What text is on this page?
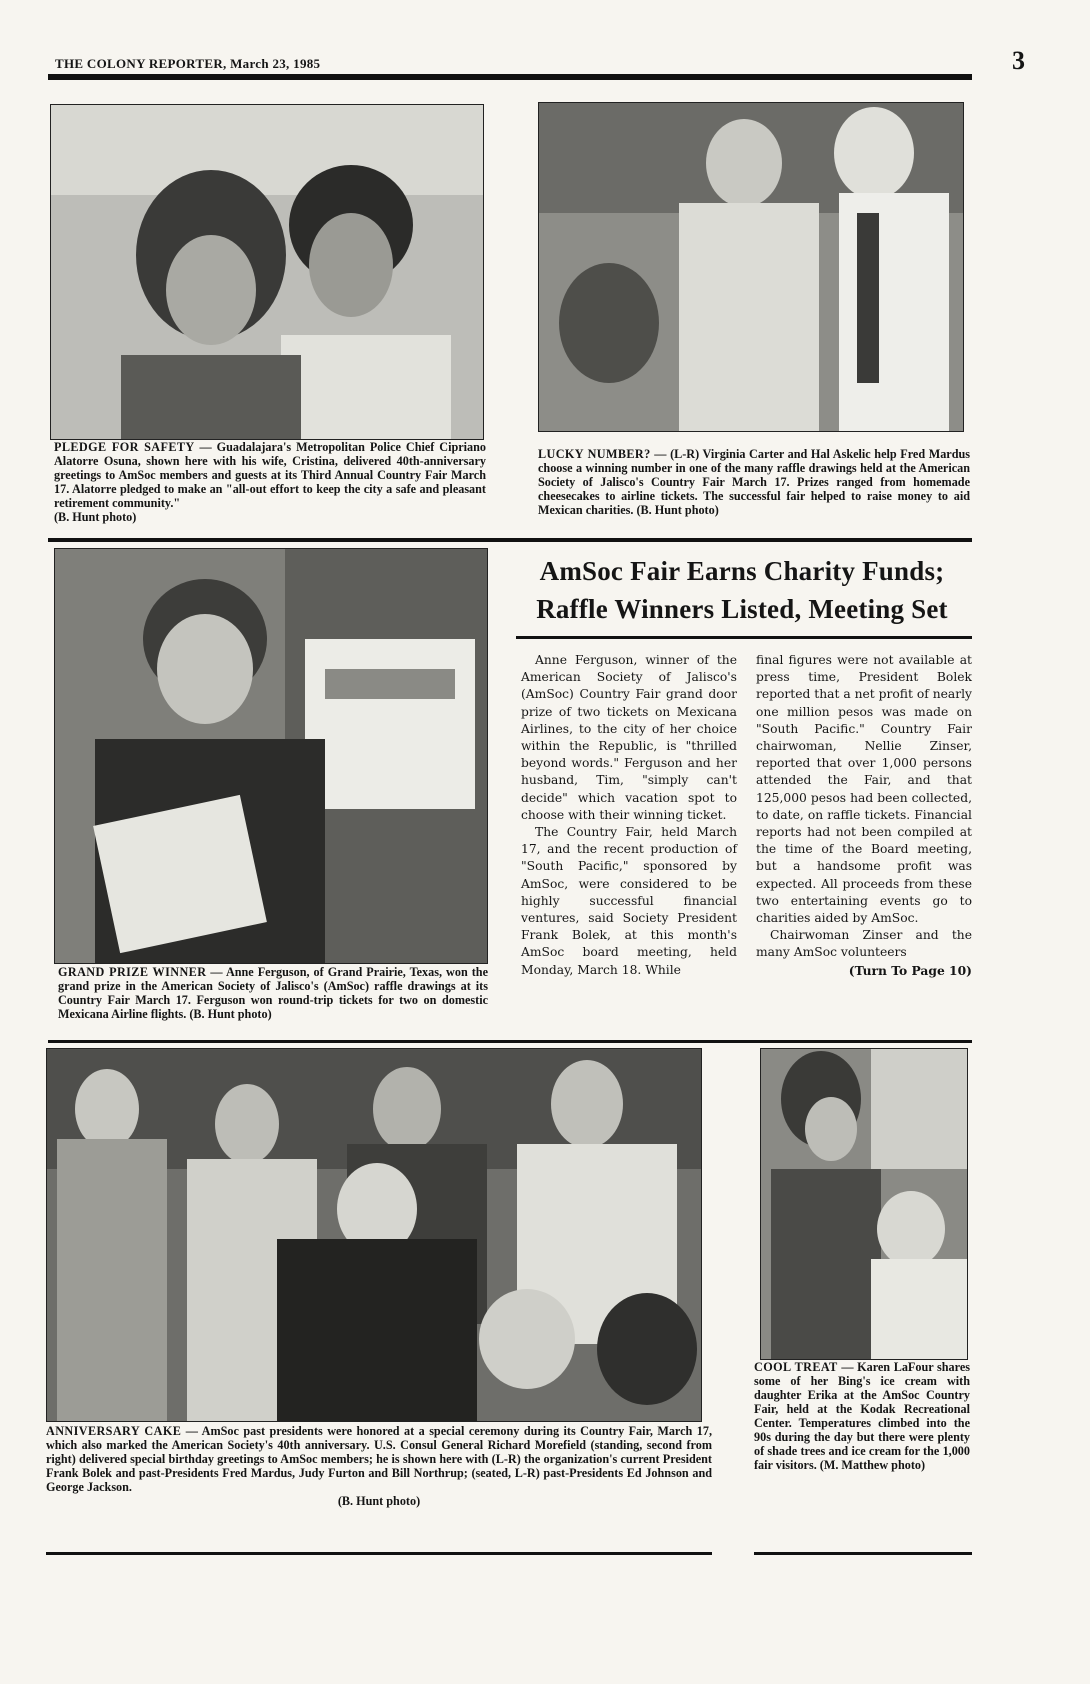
THE COLONY REPORTER, March 23, 1985	3
PLEDGE FOR SAFETY — Guadalajara's Metropolitan Police Chief Cipriano Alatorre Osuna, shown here with his wife, Cristina, delivered 40th-anniversary greetings to AmSoc members and guests at its Third Annual Country Fair March 17. Alatorre pledged to make an "all-out effort to keep the city a safe and pleasant retirement community."
(B. Hunt photo)
LUCKY NUMBER? — (L-R) Virginia Carter and Hal Askelic help Fred Mardus choose a winning number in one of the many raffle drawings held at the American Society of Jalisco's Country Fair March 17. Prizes ranged from homemade cheesecakes to airline tickets. The successful fair helped to raise money to aid Mexican charities. (B. Hunt photo)
GRAND PRIZE WINNER — Anne Ferguson, of Grand Prairie, Texas, won the grand prize in the American Society of Jalisco's (AmSoc) raffle drawings at its Country Fair March 17. Ferguson won round-trip tickets for two on domestic Mexicana Airline flights. (B. Hunt photo)
AmSoc Fair Earns Charity Funds;
Raffle Winners Listed, Meeting Set

Anne Ferguson, winner of the American Society of Jalisco's (AmSoc) Country Fair grand door prize of two tickets on Mexicana Airlines, to the city of her choice within the Republic, is "thrilled beyond words." Ferguson and her husband, Tim, "simply can't decide" which vacation spot to choose with their winning ticket.

The Country Fair, held March 17, and the recent production of "South Pacific," sponsored by AmSoc, were considered to be highly successful financial ventures, said Society President Frank Bolek, at this month's AmSoc board meeting, held Monday, March 18. While

final figures were not available at press time, President Bolek reported that a net profit of nearly one million pesos was made on "South Pacific." Country Fair chairwoman, Nellie Zinser, reported that over 1,000 persons attended the Fair, and that 125,000 pesos had been collected, to date, on raffle tickets. Financial reports had not been compiled at the time of the Board meeting, but a handsome profit was expected. All proceeds from these two entertaining events go to charities aided by AmSoc.

Chairwoman Zinser and the many AmSoc volunteers

(Turn To Page 10)

ANNIVERSARY CAKE — AmSoc past presidents were honored at a special ceremony during its Country Fair, March 17, which also marked the American Society's 40th anniversary. U.S. Consul General Richard Morefield (standing, second from right) delivered special birthday greetings to AmSoc members; he is shown here with (L-R) the organization's current President Frank Bolek and past-Presidents Fred Mardus, Judy Furton and Bill Northrup; (seated, L-R) past-Presidents Ed Johnson and George Jackson.
(B. Hunt photo)
COOL TREAT — Karen LaFour shares some of her Bing's ice cream with daughter Erika at the AmSoc Country Fair, held at the Kodak Recreational Center. Temperatures climbed into the 90s during the day but there were plenty of shade trees and ice cream for the 1,000 fair visitors. (M. Matthew photo)
